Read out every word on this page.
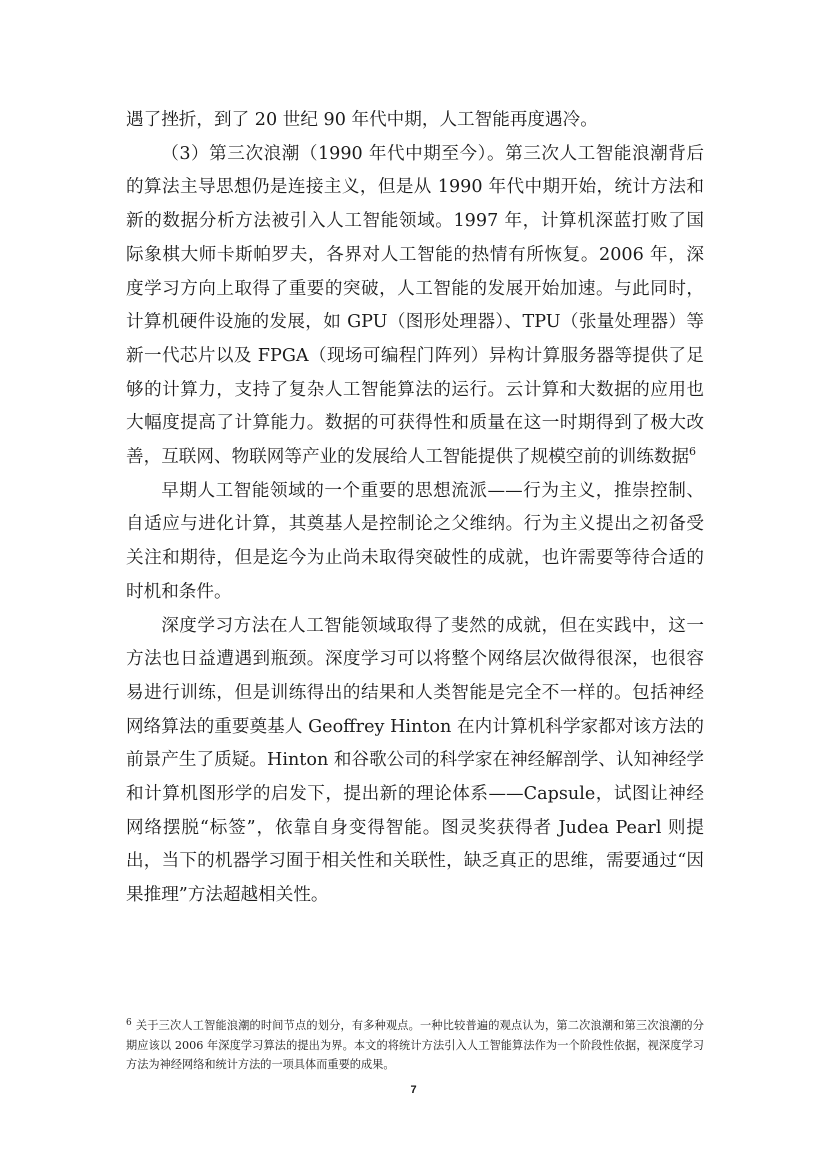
遇了挫折，到了 20 世纪 90 年代中期，人工智能再度遇冷。

（3）第三次浪潮（1990 年代中期至今）。第三次人工智能浪潮背后的算法主导思想仍是连接主义，但是从 1990 年代中期开始，统计方法和新的数据分析方法被引入人工智能领域。1997 年，计算机深蓝打败了国际象棋大师卡斯帕罗夫，各界对人工智能的热情有所恢复。2006 年，深度学习方向上取得了重要的突破，人工智能的发展开始加速。与此同时，计算机硬件设施的发展，如 GPU（图形处理器）、TPU（张量处理器）等新一代芯片以及 FPGA（现场可编程门阵列）异构计算服务器等提供了足够的计算力，支持了复杂人工智能算法的运行。云计算和大数据的应用也大幅度提高了计算能力。数据的可获得性和质量在这一时期得到了极大改善，互联网、物联网等产业的发展给人工智能提供了规模空前的训练数据$^6$

早期人工智能领域的一个重要的思想流派——行为主义，推崇控制、自适应与进化计算，其奠基人是控制论之父维纳。行为主义提出之初备受关注和期待，但是迄今为止尚未取得突破性的成就，也许需要等待合适的时机和条件。

深度学习方法在人工智能领域取得了斐然的成就，但在实践中，这一方法也日益遭遇到瓶颈。深度学习可以将整个网络层次做得很深，也很容易进行训练，但是训练得出的结果和人类智能是完全不一样的。包括神经网络算法的重要奠基人 Geoffrey Hinton 在内计算机科学家都对该方法的前景产生了质疑。Hinton 和谷歌公司的科学家在神经解剖学、认知神经学和计算机图形学的启发下，提出新的理论体系——Capsule，试图让神经网络摆脱“标签”，依靠自身变得智能。图灵奖获得者 Judea Pearl 则提出，当下的机器学习囿于相关性和关联性，缺乏真正的思维，需要通过“因果推理”方法超越相关性。

$^6$ 关于三次人工智能浪潮的时间节点的划分，有多种观点。一种比较普遍的观点认为，第二次浪潮和第三次浪潮的分期应该以 2006 年深度学习算法的提出为界。本文的将统计方法引入人工智能算法作为一个阶段性依据，视深度学习方法为神经网络和统计方法的一项具体而重要的成果。
7
